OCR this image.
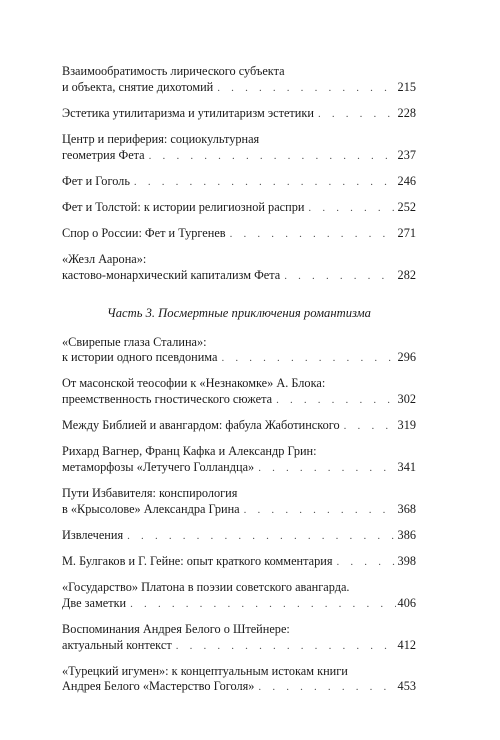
Взаимообратимость лирического субъекта
и объекта, снятие дихотомий . . .	215
Эстетика утилитаризма и утилитаризм эстетики . . .	228
Центр и периферия: социокультурная
геометрия Фета . . .	237
Фет и Гоголь . . .	246
Фет и Толстой: к истории религиозной распри . . .	252
Спор о России: Фет и Тургенев . . .	271
«Жезл Аарона»:
кастово-монархический капитализм Фета . . .	282
Часть 3. Посмертные приключения романтизма
«Свирепые глаза Сталина»:
к истории одного псевдонима . . .	296
От масонской теософии к «Незнакомке» А. Блока:
преемственность гностического сюжета . . .	302
Между Библией и авангардом: фабула Жаботинского . . .	319
Рихард Вагнер, Франц Кафка и Александр Грин:
метаморфозы «Летучего Голландца» . . .	341
Пути Избавителя: конспирология
в «Крысолове» Александра Грина . . .	368
Извлечения . . .	386
М. Булгаков и Г. Гейне: опыт краткого комментария . . .	398
«Государство» Платона в поэзии советского авангарда.
Две заметки . . .	406
Воспоминания Андрея Белого о Штейнере:
актуальный контекст . . .	412
«Турецкий игумен»: к концептуальным истокам книги
Андрея Белого «Мастерство Гоголя» . . .	453
